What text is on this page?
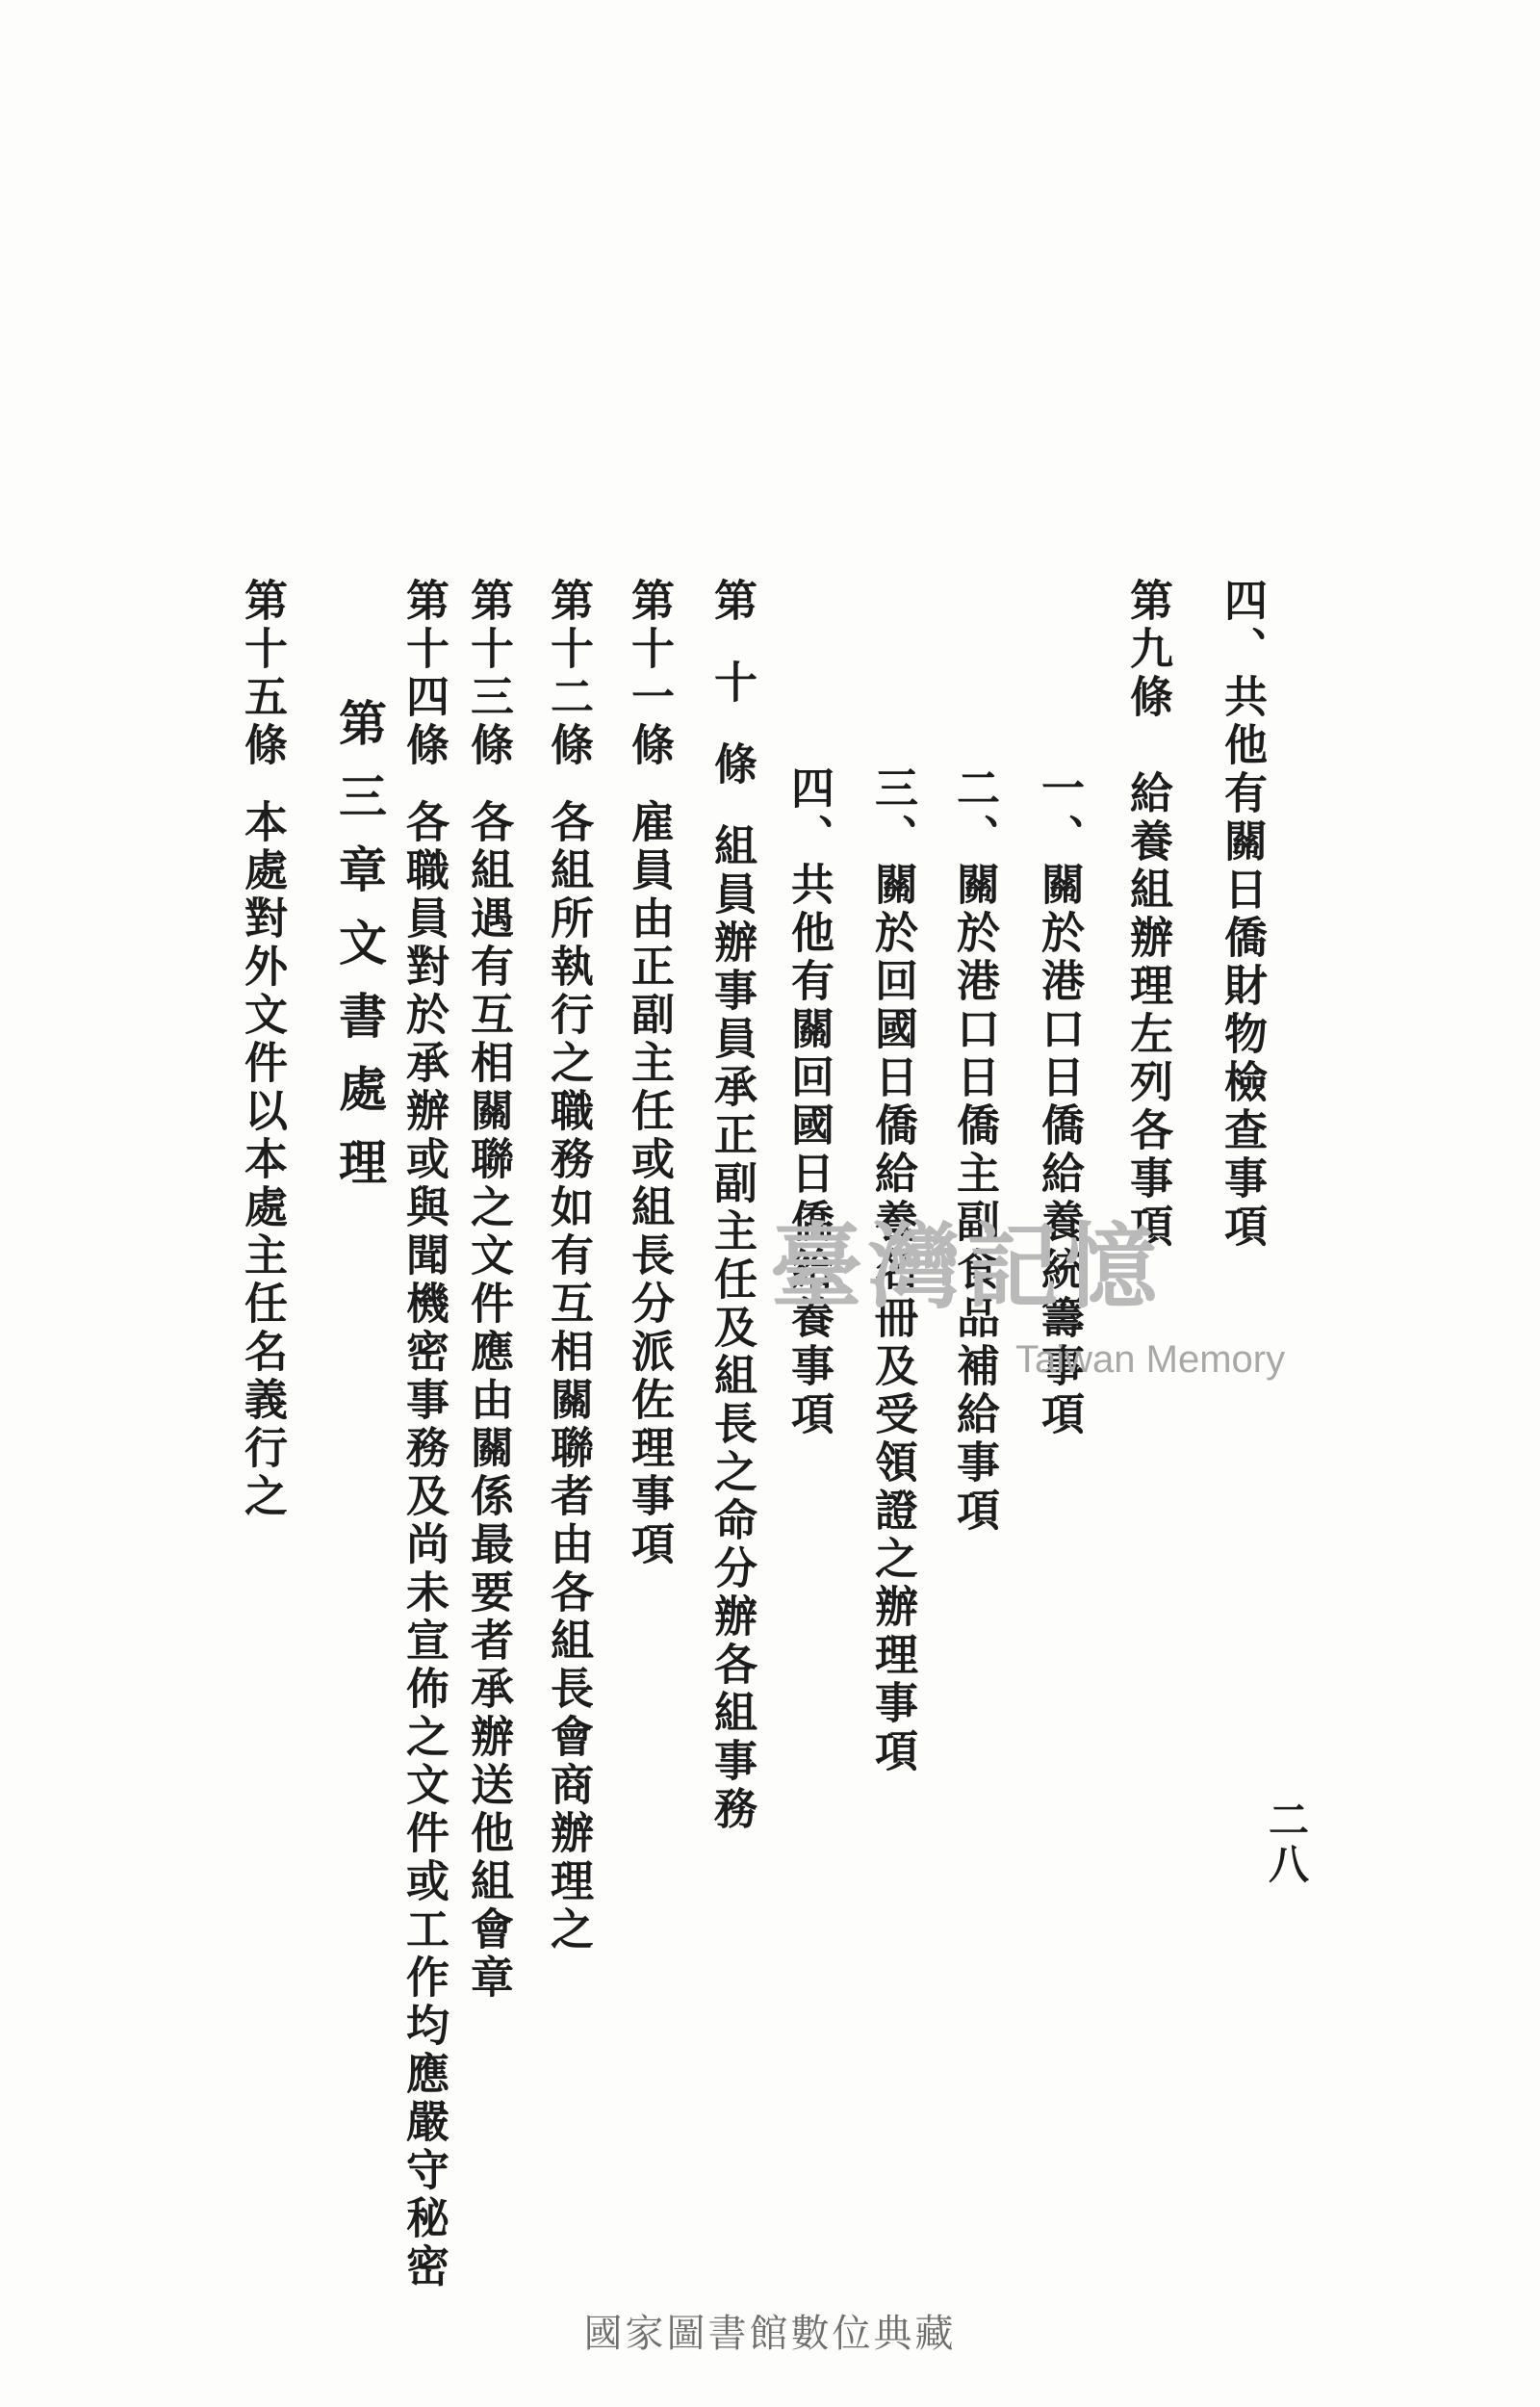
四、共他有關日僑財物檢查事項
第九條給養組辦理左列各事項
一、關於港口日僑給養統籌事項
二、關於港口日僑主副食品補給事項
三、關於回國日僑給養名冊及受領證之辦理事項
四、共他有關回國日僑給養事項
第十條組員辦事員承正副主任及組長之命分辦各組事務
第十一條雇員由正副主任或組長分派佐理事項
第十二條各組所執行之職務如有互相關聯者由各組長會商辦理之
第十三條各組遇有互相關聯之文件應由關係最要者承辦送他組會章
第十四條各職員對於承辦或與聞機密事務及尚未宣佈之文件或工作均應嚴守秘密
第三章文書處理
第十五條本處對外文件以本處主任名義行之
二八
臺灣記憶
Taiwan Memory
國家圖書館數位典藏
